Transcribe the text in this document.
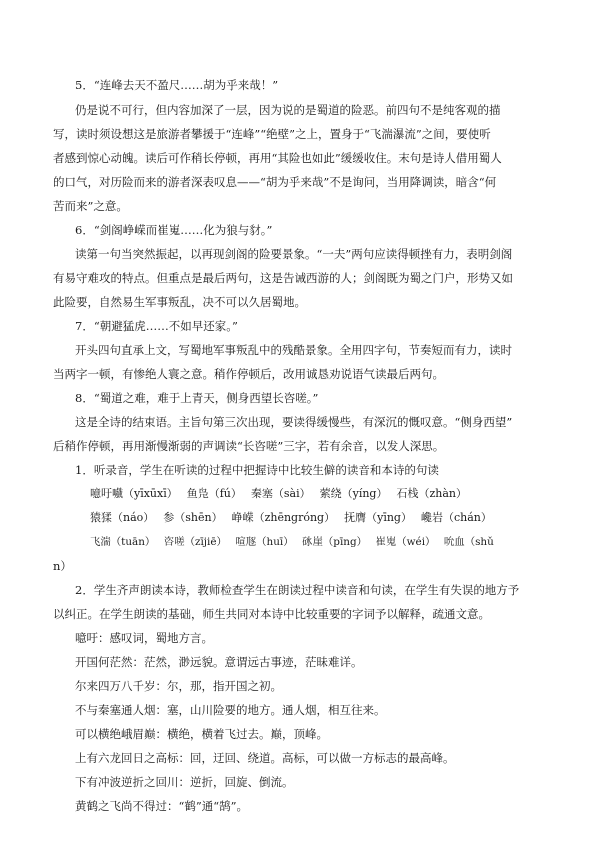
5．“连峰去天不盈尺……胡为乎来哉！”
仍是说不可行，但内容加深了一层，因为说的是蜀道的险恶。前四句不是纯客观的描
写，读时须设想这是旅游者攀援于“连峰”“绝壁”之上，置身于“飞湍瀑流”之间，要使听
者感到惊心动魄。读后可作稍长停顿，再用“其险也如此”缓缓收住。末句是诗人借用蜀人
的口气，对历险而来的游者深表叹息——“胡为乎来哉”不是询问，当用降调读，暗含“何
苦而来”之意。
6．“剑阁峥嵘而崔嵬……化为狼与豺。”
读第一句当突然振起，以再现剑阁的险要景象。“一夫”两句应读得顿挫有力，表明剑阁
有易守难攻的特点。但重点是最后两句，这是告诫西游的人；剑阁既为蜀之门户，形势又如
此险要，自然易生军事叛乱，决不可以久居蜀地。
7．“朝避猛虎……不如早还家。”
开头四句直承上文，写蜀地军事叛乱中的残酷景象。全用四字句，节奏短而有力，读时
当两字一顿，有惨绝人寰之意。稍作停顿后，改用诚恳劝说语气读最后两句。
8．“蜀道之难，难于上青天，侧身西望长咨嗟。”
这是全诗的结束语。主旨句第三次出现，要读得缓慢些，有深沉的慨叹意。“侧身西望”
后稍作停顿，再用渐慢渐弱的声调读“长咨嗟”三字，若有余音，以发人深思。
1．听录音，学生在听读的过程中把握诗中比较生僻的读音和本诗的句读
噫吁嚱（yīxūxī）　 鱼凫（fú）　 秦塞（sài）　 萦绕（yíng）　 石栈（zhàn）
猿猱（náo）　 参（shēn）　 峥嵘（zhēngróng）　 抚膺（yīng）　 巉岩（chán）
飞湍（tuān）　 咨嗟（zījiē）　 喧豗（huī）　 砯崖（pīng）　 崔嵬（wéi）　 吮血（shǔ
n）
2．学生齐声朗读本诗，教师检查学生在朗读过程中读音和句读，在学生有失误的地方予
以纠正。在学生朗读的基础，师生共同对本诗中比较重要的字词予以解释，疏通文意。
噫吁：感叹词，蜀地方言。
开国何茫然：茫然，渺远貌。意谓远古事迹，茫昧难详。
尔来四万八千岁：尔，那，指开国之初。
不与秦塞通人烟：塞，山川险要的地方。通人烟，相互往来。
可以横绝峨眉巅：横绝，横着飞过去。巅，顶峰。
上有六龙回日之高标：回，迂回、绕道。高标，可以做一方标志的最高峰。
下有冲波逆折之回川：逆折，回旋、倒流。
黄鹤之飞尚不得过：“鹤”通“鹄”。
